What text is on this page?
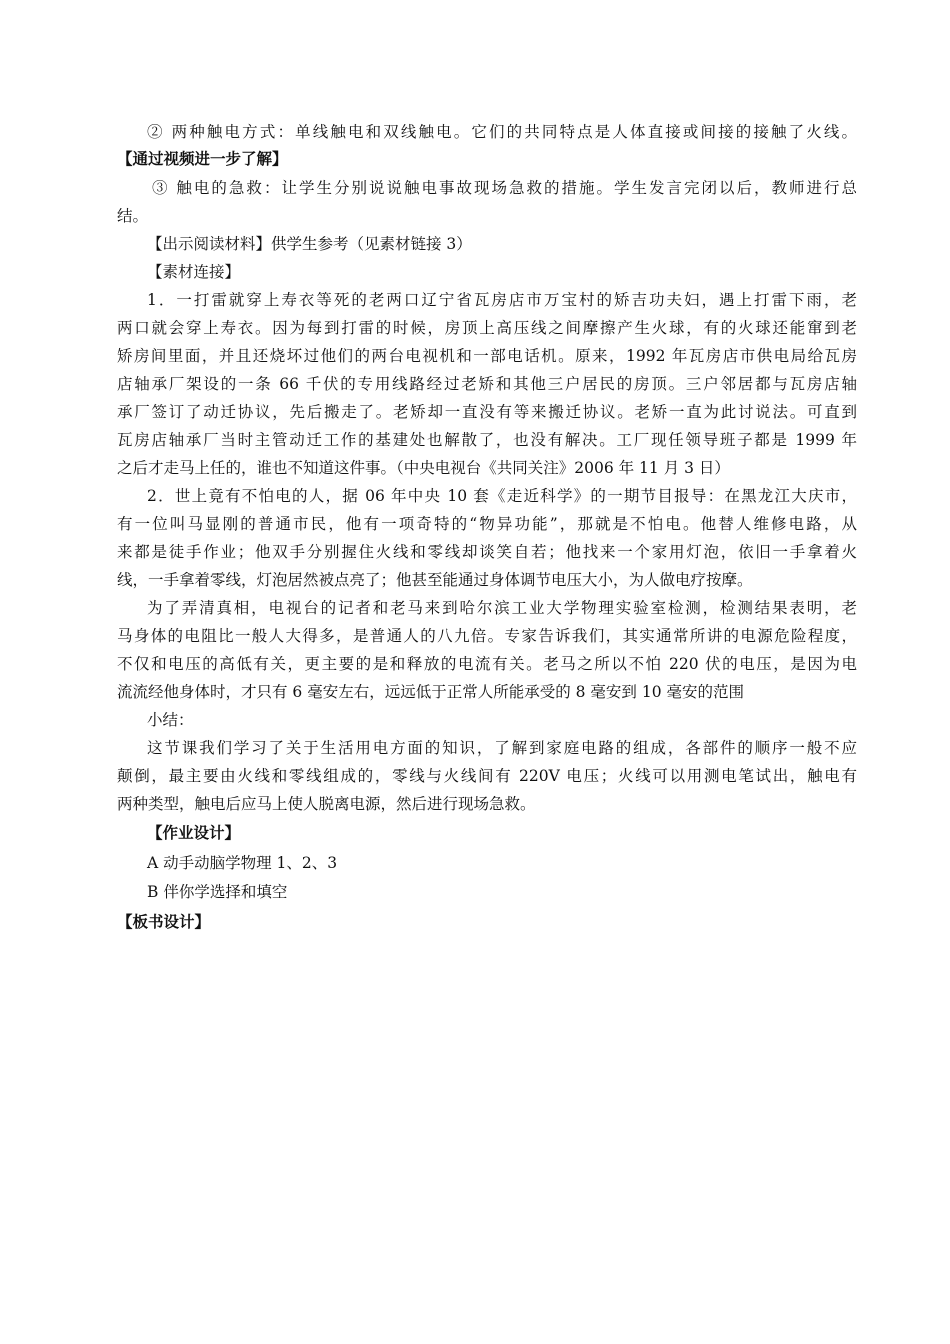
② 两种触电方式：单线触电和双线触电。它们的共同特点是人体直接或间接的接触了火线。
【通过视频进一步了解】
③ 触电的急救：让学生分别说说触电事故现场急救的措施。学生发言完闭以后，教师进行总
结。
【出示阅读材料】供学生参考（见素材链接 3）
【素材连接】
1．一打雷就穿上寿衣等死的老两口辽宁省瓦房店市万宝村的矫吉功夫妇，遇上打雷下雨，老
两口就会穿上寿衣。因为每到打雷的时候，房顶上高压线之间摩擦产生火球，有的火球还能窜到老
矫房间里面，并且还烧坏过他们的两台电视机和一部电话机。原来，1992 年瓦房店市供电局给瓦房
店轴承厂架设的一条 66 千伏的专用线路经过老矫和其他三户居民的房顶。三户邻居都与瓦房店轴
承厂签订了动迁协议，先后搬走了。老矫却一直没有等来搬迁协议。老矫一直为此讨说法。可直到
瓦房店轴承厂当时主管动迁工作的基建处也解散了，也没有解决。工厂现任领导班子都是 1999 年
之后才走马上任的，谁也不知道这件事。（中央电视台《共同关注》2006 年 11 月 3 日）
2．世上竟有不怕电的人，据 06 年中央 10 套《走近科学》的一期节目报导：在黑龙江大庆市，
有一位叫马显刚的普通市民，他有一项奇特的“物异功能”，那就是不怕电。他替人维修电路，从
来都是徒手作业；他双手分别握住火线和零线却谈笑自若；他找来一个家用灯泡，依旧一手拿着火
线，一手拿着零线，灯泡居然被点亮了；他甚至能通过身体调节电压大小，为人做电疗按摩。
为了弄清真相，电视台的记者和老马来到哈尔滨工业大学物理实验室检测，检测结果表明，老
马身体的电阻比一般人大得多，是普通人的八九倍。专家告诉我们，其实通常所讲的电源危险程度，
不仅和电压的高低有关，更主要的是和释放的电流有关。老马之所以不怕 220 伏的电压，是因为电
流流经他身体时，才只有 6 毫安左右，远远低于正常人所能承受的 8 毫安到 10 毫安的范围
小结：
这节课我们学习了关于生活用电方面的知识，了解到家庭电路的组成，各部件的顺序一般不应
颠倒，最主要由火线和零线组成的，零线与火线间有 220V 电压；火线可以用测电笔试出，触电有
两种类型，触电后应马上使人脱离电源，然后进行现场急救。
【作业设计】
A 动手动脑学物理 1、2、3
B 伴你学选择和填空
【板书设计】
